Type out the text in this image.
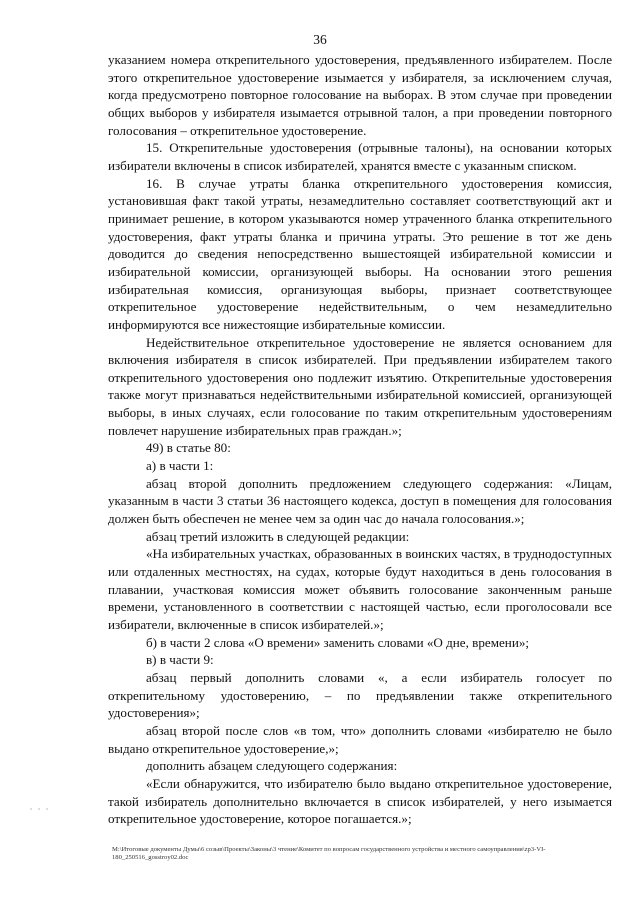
36

указанием номера открепительного удостоверения, предъявленного избирателем. После этого открепительное удостоверение изымается у избирателя, за исключением случая, когда предусмотрено повторное голосование на выборах. В этом случае при проведении общих выборов у избирателя изымается отрывной талон, а при проведении повторного голосования – открепительное удостоверение.

15. Открепительные удостоверения (отрывные талоны), на основании которых избиратели включены в список избирателей, хранятся вместе с указанным списком.

16. В случае утраты бланка открепительного удостоверения комиссия, установившая факт такой утраты, незамедлительно составляет соответствующий акт и принимает решение, в котором указываются номер утраченного бланка открепительного удостоверения, факт утраты бланка и причина утраты. Это решение в тот же день доводится до сведения непосредственно вышестоящей избирательной комиссии и избирательной комиссии, организующей выборы. На основании этого решения избирательная комиссия, организующая выборы, признает соответствующее открепительное удостоверение недействительным, о чем незамедлительно информируются все нижестоящие избирательные комиссии.

Недействительное открепительное удостоверение не является основанием для включения избирателя в список избирателей. При предъявлении избирателем такого открепительного удостоверения оно подлежит изъятию. Открепительные удостоверения также могут признаваться недействительными избирательной комиссией, организующей выборы, в иных случаях, если голосование по таким открепительным удостоверениям повлечет нарушение избирательных прав граждан.»;

49) в статье 80:

а) в части 1:

абзац второй дополнить предложением следующего содержания: «Лицам, указанным в части 3 статьи 36 настоящего кодекса, доступ в помещения для голосования должен быть обеспечен не менее чем за один час до начала голосования.»;

абзац третий изложить в следующей редакции:

«На избирательных участках, образованных в воинских частях, в труднодоступных или отдаленных местностях, на судах, которые будут находиться в день голосования в плавании, участковая комиссия может объявить голосование законченным раньше времени, установленного в соответствии с настоящей частью, если проголосовали все избиратели, включенные в список избирателей.»;

б) в части 2 слова «О времени» заменить словами «О дне, времени»;

в) в части 9:

абзац первый дополнить словами «, а если избиратель голосует по открепительному удостоверению, – по предъявлении также открепительного удостоверения»;

абзац второй после слов «в том, что» дополнить словами «избирателю не было выдано открепительное удостоверение,»;

дополнить абзацем следующего содержания:

«Если обнаружится, что избирателю было выдано открепительное удостоверение, такой избиратель дополнительно включается в список избирателей, у него изымается открепительное удостоверение, которое погашается.»;

M:\Итоговые документы Думы\6 созыв\Проекты\Законы\3 чтение\Комитет по вопросам государственного устройства и местного самоуправления\zp3-VI-180_250516_gosstroy02.doc
